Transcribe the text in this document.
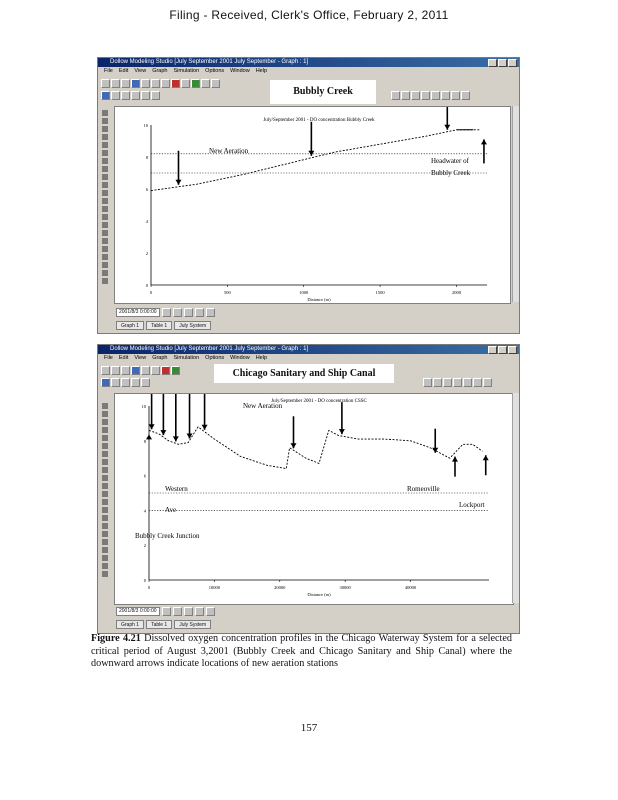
Filing - Received, Clerk's Office, February 2, 2011
Dollow Modeling Studio [July September 2001 July September - Graph : 1]
File Edit View Graph Simulation Options Window Help
Bubbly Creek
July/September 2001 - DO concentration Bubbly Creek
10
8
6
4
2
0
0	500	1000	1500	2000
Distance (m)
New Aeration
Headwater of
Bubbly Creek
2001/8/3 0:00:00
Graph 1	Table 1	July System
Dollow Modeling Studio [July September 2001 July September - Graph : 1]
File Edit View Graph Simulation Options Window Help
Chicago Sanitary and Ship Canal
July/September 2001 - DO concentration CSSC
10
8
6
4
2
0
0	10000	20000	30000	40000
Distance (m)
New Aeration
Western
Ave
Romeoville
Lockport
Bubbly Creek Junction
2001/8/3 0:00:00
Graph 1	Table 1	July System
Figure 4.21 Dissolved oxygen concentration profiles in the Chicago Waterway System for a selected critical period of August 3,2001 (Bubbly Creek and Chicago Sanitary and Ship Canal) where the downward arrows indicate locations of new aeration stations
157
